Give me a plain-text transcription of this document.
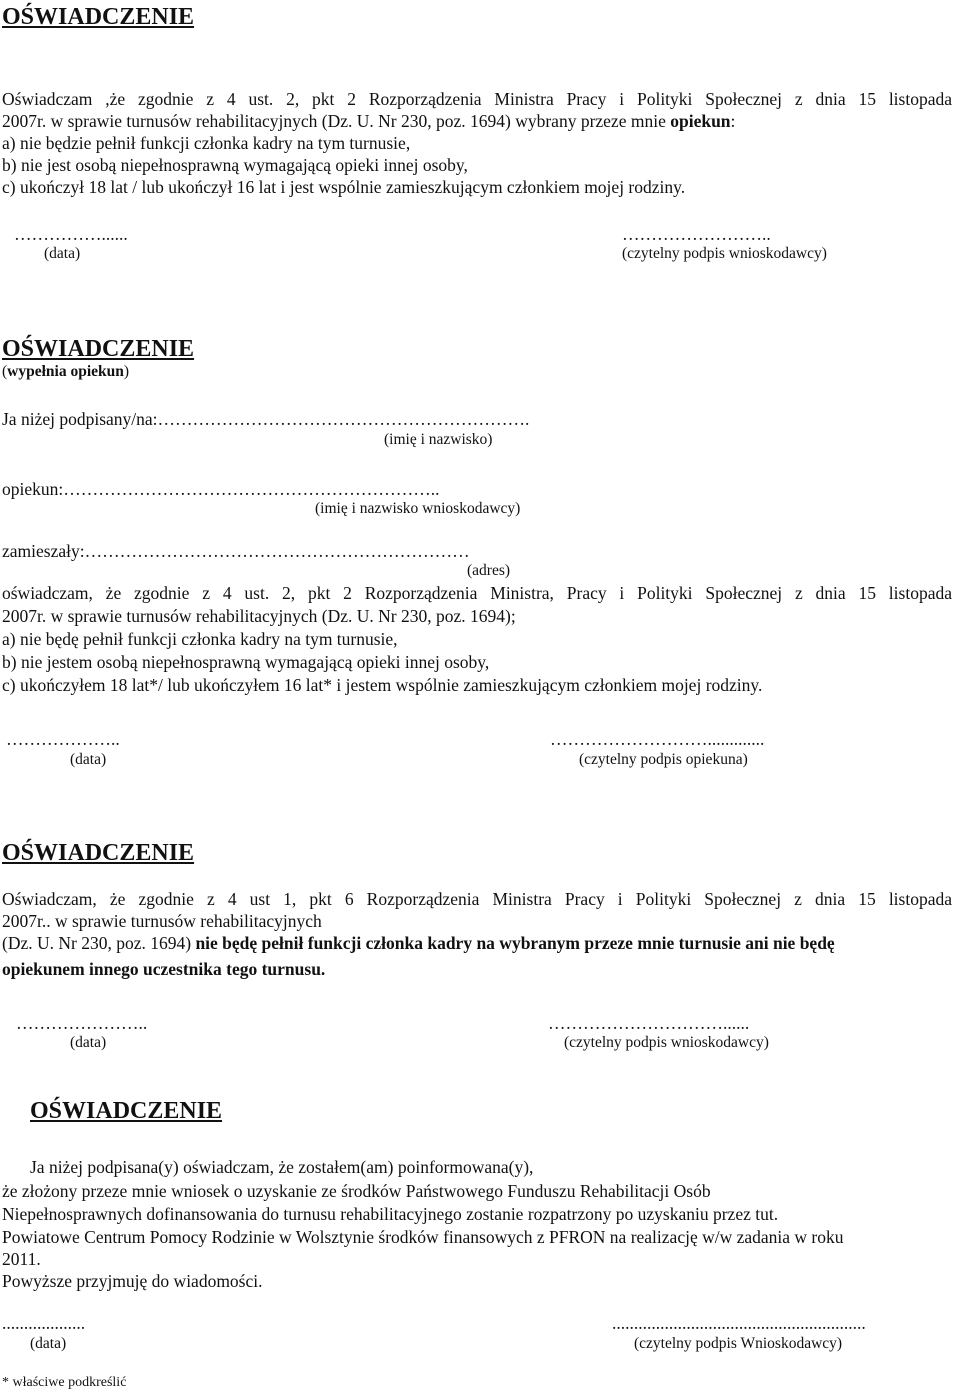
OŚWIADCZENIE
Oświadczam ,że zgodnie z 4 ust. 2, pkt 2 Rozporządzenia Ministra Pracy i Polityki Społecznej z dnia 15 listopada
2007r. w sprawie turnusów rehabilitacyjnych (Dz. U. Nr 230, poz. 1694) wybrany przeze mnie opiekun:
a) nie będzie pełnił funkcji członka kadry na tym turnusie,
b) nie jest osobą niepełnosprawną wymagającą opieki innej osoby,
c) ukończył 18 lat / lub ukończył 16 lat i jest wspólnie zamieszkującym członkiem mojej rodziny.
……………......	……………………..
(data)	(czytelny podpis wnioskodawcy)
OŚWIADCZENIE
(wypełnia opiekun)
Ja niżej podpisany/na:……………………………………………………….
(imię i nazwisko)
opiekun:………………………………………………………..
(imię i nazwisko wnioskodawcy)
zamieszały:…………………………………………………………
(adres)
oświadczam, że zgodnie z 4 ust. 2, pkt 2 Rozporządzenia Ministra, Pracy i Polityki Społecznej z dnia 15 listopada
2007r. w sprawie turnusów rehabilitacyjnych (Dz. U. Nr 230, poz. 1694);
a) nie będę pełnił funkcji członka kadry na tym turnusie,
b) nie jestem osobą niepełnosprawną wymagającą opieki innej osoby,
c) ukończyłem 18 lat*/ lub ukończyłem 16 lat* i jestem wspólnie zamieszkującym członkiem mojej rodziny.
………………..	……………………….............
(data)	(czytelny podpis opiekuna)
OŚWIADCZENIE
Oświadczam, że zgodnie z 4 ust 1, pkt 6 Rozporządzenia Ministra Pracy i Polityki Społecznej z dnia 15 listopada
2007r.. w sprawie turnusów rehabilitacyjnych
(Dz. U. Nr 230, poz. 1694) nie będę pełnił funkcji członka kadry na wybranym przeze mnie turnusie ani nie będę
opiekunem innego uczestnika tego turnusu.
…………………..	…………………………......
(data)	(czytelny podpis wnioskodawcy)
OŚWIADCZENIE
Ja niżej podpisana(y) oświadczam, że zostałem(am) poinformowana(y),
że złożony przeze mnie wniosek o uzyskanie ze środków Państwowego Funduszu Rehabilitacji Osób
Niepełnosprawnych dofinansowania do turnusu rehabilitacyjnego zostanie rozpatrzony po uzyskaniu przez tut.
Powiatowe Centrum Pomocy Rodzinie w Wolsztynie środków finansowych z PFRON na realizację w/w zadania w roku
2011.
Powyższe przyjmuję do wiadomości.
...................	..........................................................
(data)	(czytelny podpis Wnioskodawcy)
* właściwe podkreślić
